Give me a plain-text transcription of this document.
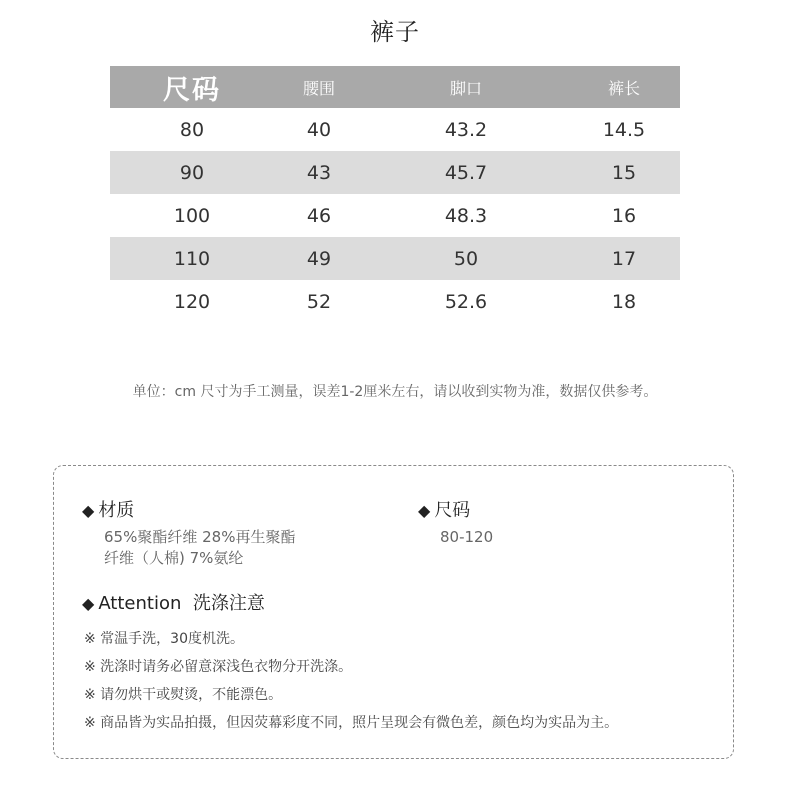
裤子
尺码	腰围	脚口	裤长
80	40	43.2	14.5
90	43	45.7	15
100	46	48.3	16
110	49	50	17
120	52	52.6	18
单位：cm 尺寸为手工测量，误差1-2厘米左右，请以收到实物为准，数据仅供参考。
◆ 材质
65%聚酯纤维 28%再生聚酯
纤维（人棉) 7%氨纶
◆ 尺码
80-120
◆ Attention  洗涤注意
※ 常温手洗，30度机洗。
※ 洗涤时请务必留意深浅色衣物分开洗涤。
※ 请勿烘干或熨烫，不能漂色。
※ 商品皆为实品拍摄，但因荧幕彩度不同，照片呈现会有微色差，颜色均为实品为主。
